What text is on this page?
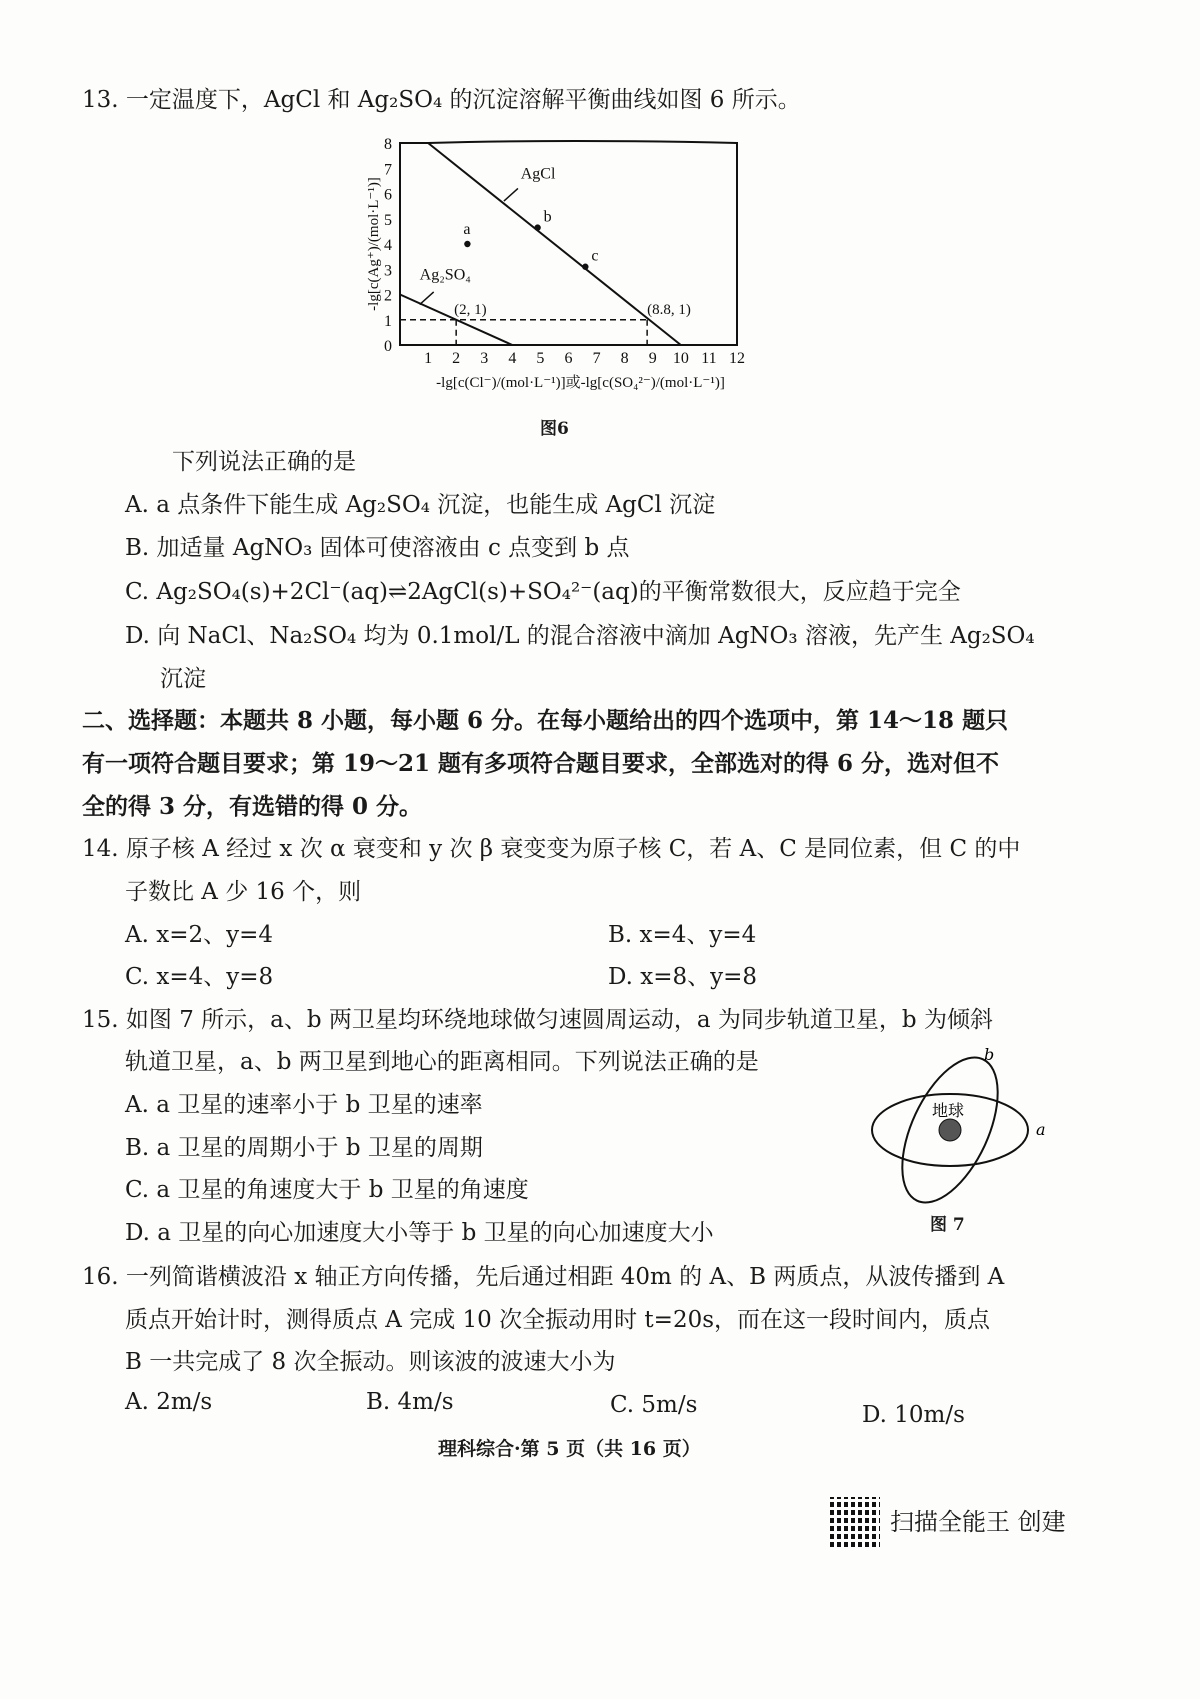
13. 一定温度下，AgCl 和 Ag₂SO₄ 的沉淀溶解平衡曲线如图 6 所示。
0
1
2
3
4
5
6
7
8
1 2 3 4 5 6 7 8 9 10 11 12
-lg[c(Cl⁻)/(mol·L⁻¹)]或-lg[c(SO₄²⁻)/(mol·L⁻¹)]
-lg[c(Ag⁺)/(mol·L⁻¹)]
AgCl
Ag₂SO₄
a
b
c
(2, 1)	(8.8, 1)
图6
下列说法正确的是
A. a 点条件下能生成 Ag₂SO₄ 沉淀，也能生成 AgCl 沉淀
B. 加适量 AgNO₃ 固体可使溶液由 c 点变到 b 点
C. Ag₂SO₄(s)+2Cl⁻(aq)⇌2AgCl(s)+SO₄²⁻(aq)的平衡常数很大，反应趋于完全
D. 向 NaCl、Na₂SO₄ 均为 0.1mol/L 的混合溶液中滴加 AgNO₃ 溶液，先产生 Ag₂SO₄
沉淀
二、选择题：本题共 8 小题，每小题 6 分。在每小题给出的四个选项中，第 14～18 题只
有一项符合题目要求；第 19～21 题有多项符合题目要求，全部选对的得 6 分，选对但不
全的得 3 分，有选错的得 0 分。
14. 原子核 A 经过 x 次 α 衰变和 y 次 β 衰变变为原子核 C，若 A、C 是同位素，但 C 的中
子数比 A 少 16 个，则
A. x=2、y=4	B. x=4、y=4
C. x=4、y=8	D. x=8、y=8
15. 如图 7 所示，a、b 两卫星均环绕地球做匀速圆周运动，a 为同步轨道卫星，b 为倾斜
轨道卫星，a、b 两卫星到地心的距离相同。下列说法正确的是
A. a 卫星的速率小于 b 卫星的速率
B. a 卫星的周期小于 b 卫星的周期
C. a 卫星的角速度大于 b 卫星的角速度
D. a 卫星的向心加速度大小等于 b 卫星的向心加速度大小
地球
b
a
图 7
16. 一列简谐横波沿 x 轴正方向传播，先后通过相距 40m 的 A、B 两质点，从波传播到 A
质点开始计时，测得质点 A 完成 10 次全振动用时 t=20s，而在这一段时间内，质点
B 一共完成了 8 次全振动。则该波的波速大小为
A. 2m/s	B. 4m/s	C. 5m/s	D. 10m/s
理科综合·第 5 页（共 16 页）
扫描全能王 创建
